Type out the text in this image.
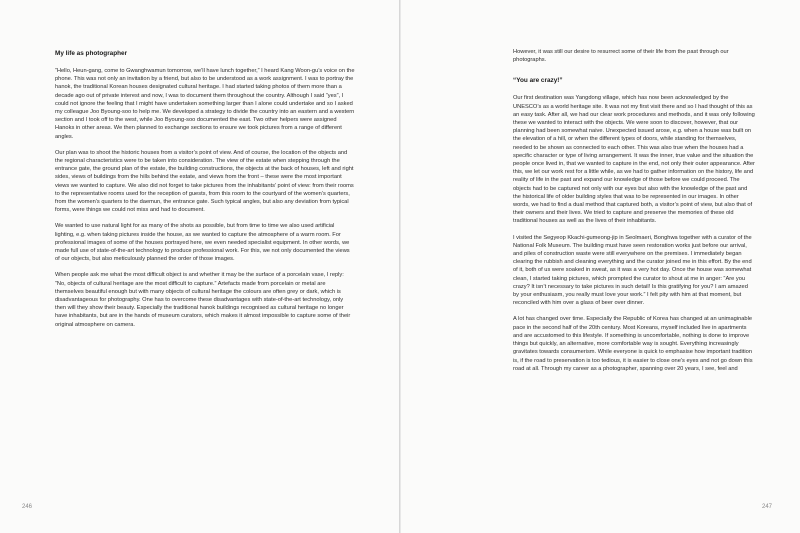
My life as photographer

“Hello, Heun-gang, come to Gwanghwamun tomorrow, we’ll have lunch together,” I heard Kang Woon-gu’s voice on the phone. This was not only an invitation by a friend, but also to be understood as a work assignment. I was to portray the hanok, the traditional Korean houses designated cultural heritage. I had started taking photos of them more than a decade ago out of private interest and now, I was to document them throughout the country. Although I said “yes”, I could not ignore the feeling that I might have undertaken something larger than I alone could undertake and so I asked my colleague Joo Byoung-soo to help me. We developed a strategy to divide the country into an eastern and a western section and I took off to the west, while Joo Byoung-soo documented the east. Two other helpers were assigned Hanoks in other areas. We then planned to exchange sections to ensure we took pictures from a range of different angles.

Our plan was to shoot the historic houses from a visitor’s point of view. And of course, the location of the objects and the regional characteristics were to be taken into consideration. The view of the estate when stepping through the entrance gate, the ground plan of the estate, the building constructions, the objects at the back of houses, left and right sides, views of buildings from the hills behind the estate, and views from the front – these were the most important views we wanted to capture. We also did not forget to take pictures from the inhabitants’ point of view: from their rooms to the representative rooms used for the reception of guests, from this room to the courtyard of the women’s quarters, from the women’s quarters to the daemun, the entrance gate. Such typical angles, but also any deviation from typical forms, were things we could not miss and had to document.

We wanted to use natural light for as many of the shots as possible, but from time to time we also used artificial lighting, e.g. when taking pictures inside the house, as we wanted to capture the atmosphere of a warm room. For professional images of some of the houses portrayed here, we even needed specialist equipment. In other words, we made full use of state-of-the-art technology to produce professional work. For this, we not only documented the views of our objects, but also meticulously planned the order of those images.

When people ask me what the most difficult object is and whether it may be the surface of a porcelain vase, I reply: “No, objects of cultural heritage are the most difficult to capture.” Artefacts made from porcelain or metal are themselves beautiful enough but with many objects of cultural heritage the colours are often grey or dark, which is disadvantageous for photography. One has to overcome these disadvantages with state-of-the-art technology, only then will they show their beauty. Especially the traditional hanok buildings recognised as cultural heritage no longer have inhabitants, but are in the hands of museum curators, which makes it almost impossible to capture some of their original atmosphere on camera.

246

However, it was still our desire to resurrect some of their life from the past through our photographs.

“You are crazy!”

Our first destination was Yangdong village, which has now been acknowledged by the UNESCO’s as a world heritage site. It was not my first visit there and so I had thought of this as an easy task. After all, we had our clear work procedures and methods, and it was only following these we wanted to interact with the objects. We were soon to discover, however, that our planning had been somewhat naive. Unexpected issued arose, e.g. when a house was built on the elevation of a hill, or when the different types of doors, while standing for themselves, needed to be shown as connected to each other. This was also true when the houses had a specific character or type of living arrangement. It was the inner, true value and the situation the people once lived in, that we wanted to capture in the end, not only their outer appearance. After this, we let our work rest for a little while, as we had to gather information on the history, life and reality of life in the past and expand our knowledge of those before we could proceed. The objects had to be captured not only with our eyes but also with the knowledge of the past and the historical life of older building styles that was to be represented in our images. In other words, we had to find a dual method that captured both, a visitor’s point of view, but also that of their owners and their lives. We tried to capture and preserve the memories of these old traditional houses as well as the lives of their inhabitants.

I visited the Segyeop Kkachi-gumeong-jip in Seolmaeri, Bonghwa together with a curator of the National Folk Museum. The building must have seen restoration works just before our arrival, and piles of construction waste were still everywhere on the premises. I immediately began clearing the rubbish and cleaning everything and the curator joined me in this effort. By the end of it, both of us were soaked in sweat, as it was a very hot day. Once the house was somewhat clean, I started taking pictures, which prompted the curator to shout at me in anger: “Are you crazy? It isn’t necessary to take pictures in such detail! Is this gratifying for you? I am amazed by your enthusiasm, you really must love your work.” I felt pity with him at that moment, but reconciled with him over a glass of beer over dinner.

A lot has changed over time. Especially the Republic of Korea has changed at an unimaginable pace in the second half of the 20th century. Most Koreans, myself included live in apartments and are accustomed to this lifestyle. If something is uncomfortable, nothing is done to improve things but quickly, an alternative, more comfortable way is sought. Everything increasingly gravitates towards consumerism. While everyone is quick to emphasise how important tradition is, if the road to preservation is too tedious, it is easier to close one’s eyes and not go down this road at all. Through my career as a photographer, spanning over 20 years, I see, feel and

247
